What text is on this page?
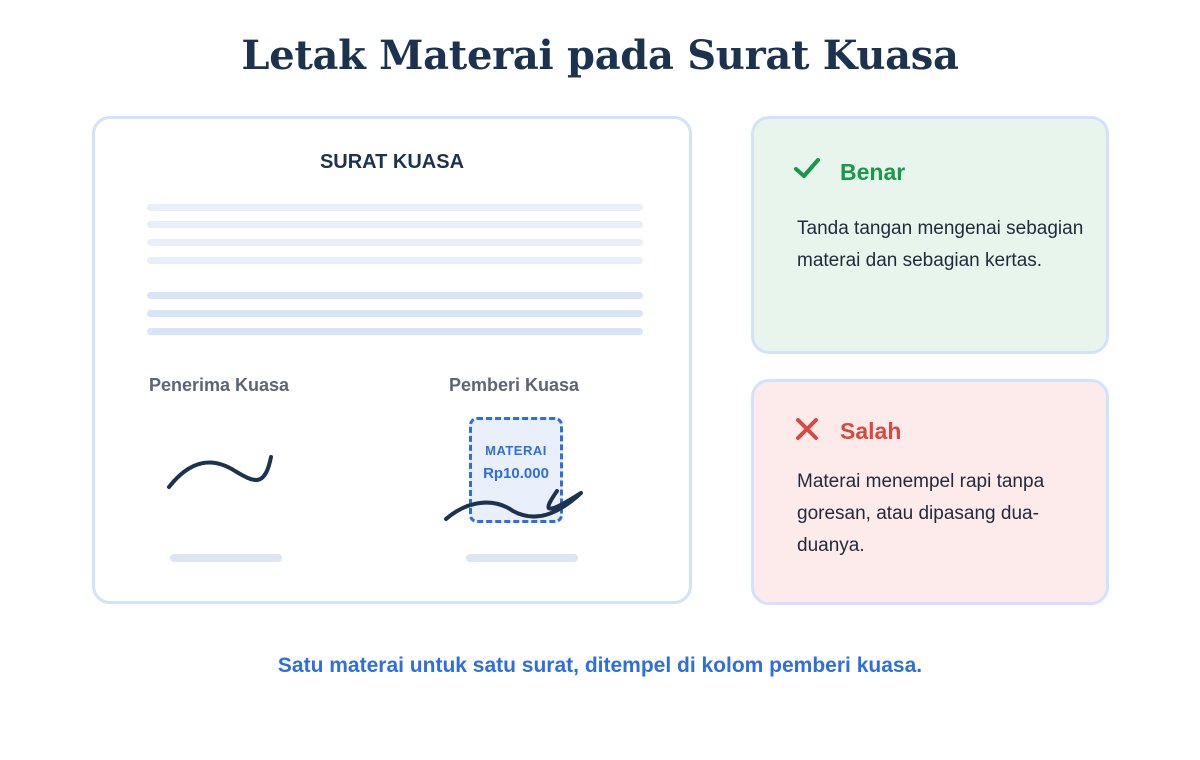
Letak Materai pada Surat Kuasa
SURAT KUASA
Penerima Kuasa	Pemberi Kuasa
MATERAI
Rp10.000
Benar
Tanda tangan mengenai sebagian materai dan sebagian kertas.
Salah
Materai menempel rapi tanpa goresan, atau dipasang dua-duanya.
Satu materai untuk satu surat, ditempel di kolom pemberi kuasa.
